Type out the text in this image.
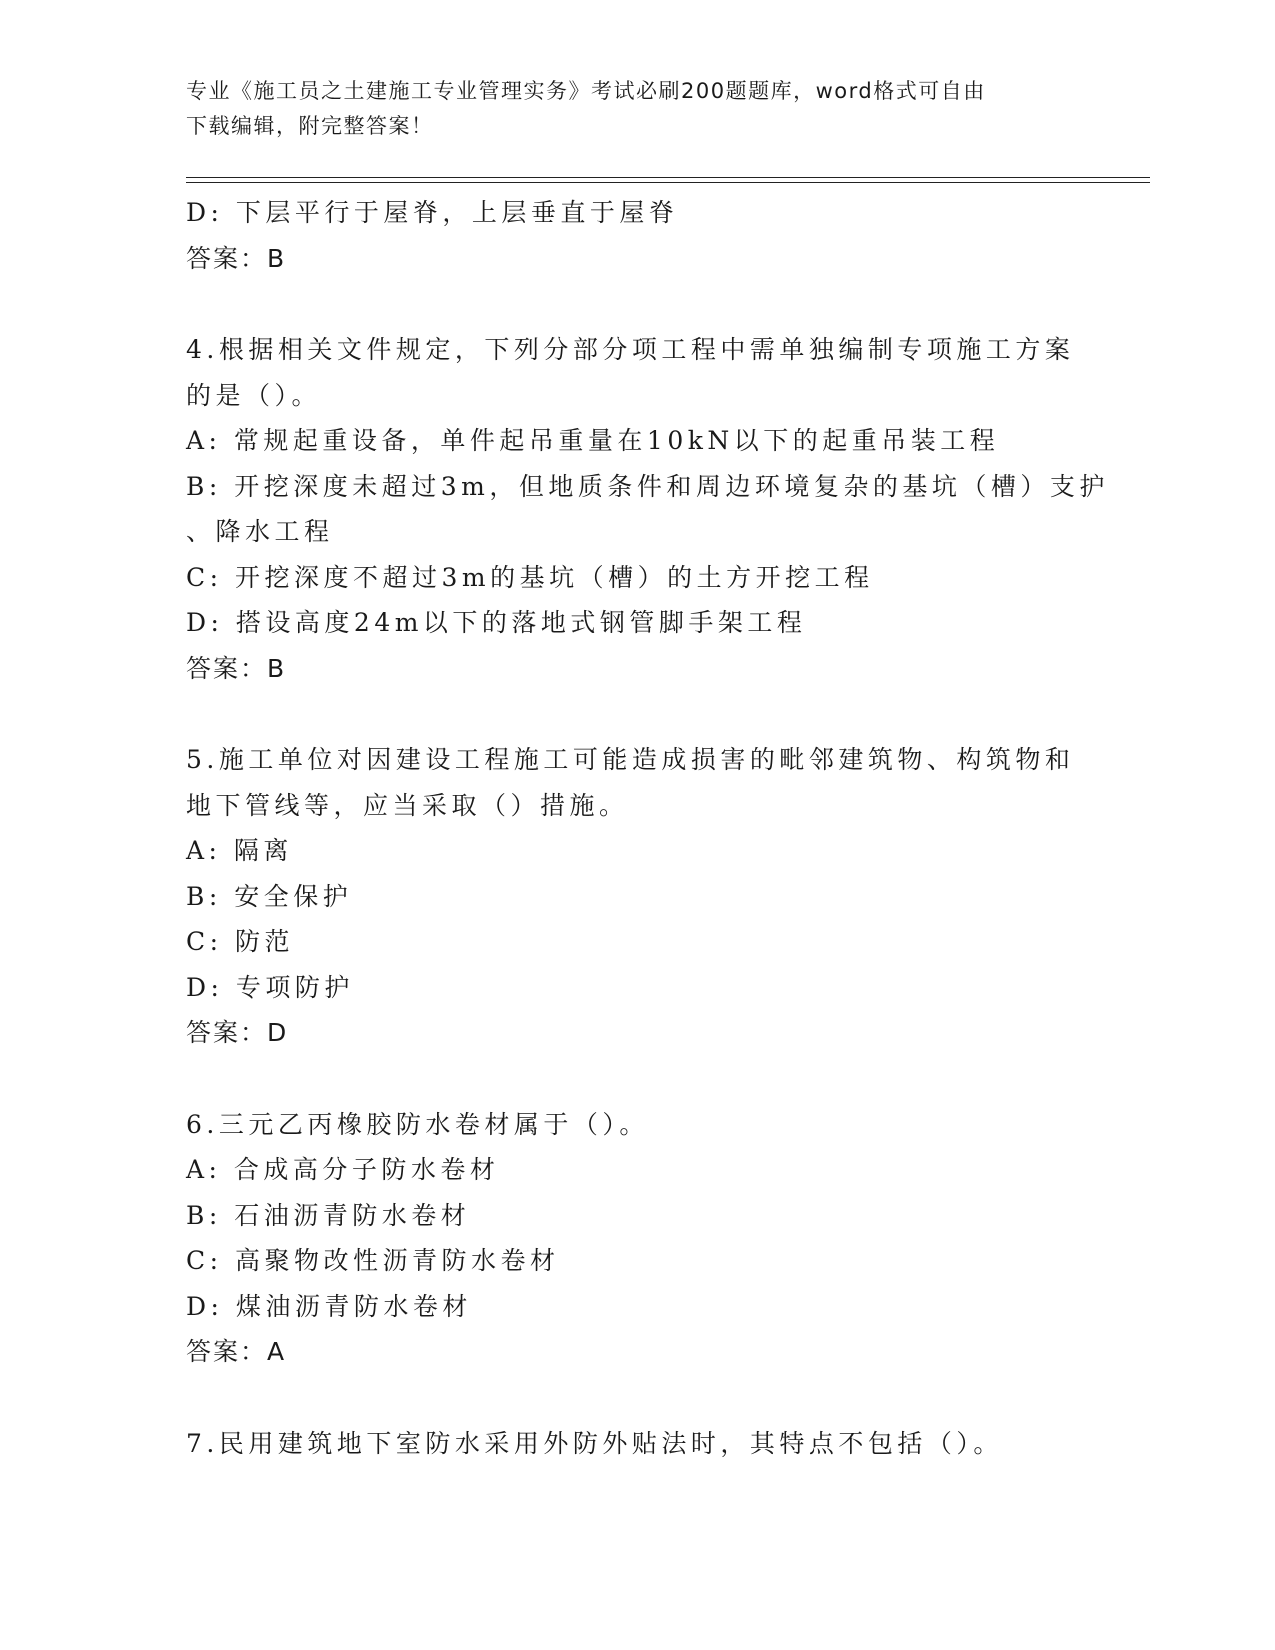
专业《施工员之土建施工专业管理实务》考试必刷200题题库，word格式可自由
下载编辑，附完整答案！
D: 下层平行于屋脊，上层垂直于屋脊
答案：B
4.根据相关文件规定，下列分部分项工程中需单独编制专项施工方案
的是（）。
A: 常规起重设备，单件起吊重量在10kN以下的起重吊装工程
B: 开挖深度未超过3m，但地质条件和周边环境复杂的基坑（槽）支护
、降水工程
C: 开挖深度不超过3m的基坑（槽）的土方开挖工程
D: 搭设高度24m以下的落地式钢管脚手架工程
答案：B
5.施工单位对因建设工程施工可能造成损害的毗邻建筑物、构筑物和
地下管线等，应当采取（）措施。
A: 隔离
B: 安全保护
C: 防范
D: 专项防护
答案：D
6.三元乙丙橡胶防水卷材属于（）。
A: 合成高分子防水卷材
B: 石油沥青防水卷材
C: 高聚物改性沥青防水卷材
D: 煤油沥青防水卷材
答案：A
7.民用建筑地下室防水采用外防外贴法时，其特点不包括（）。
